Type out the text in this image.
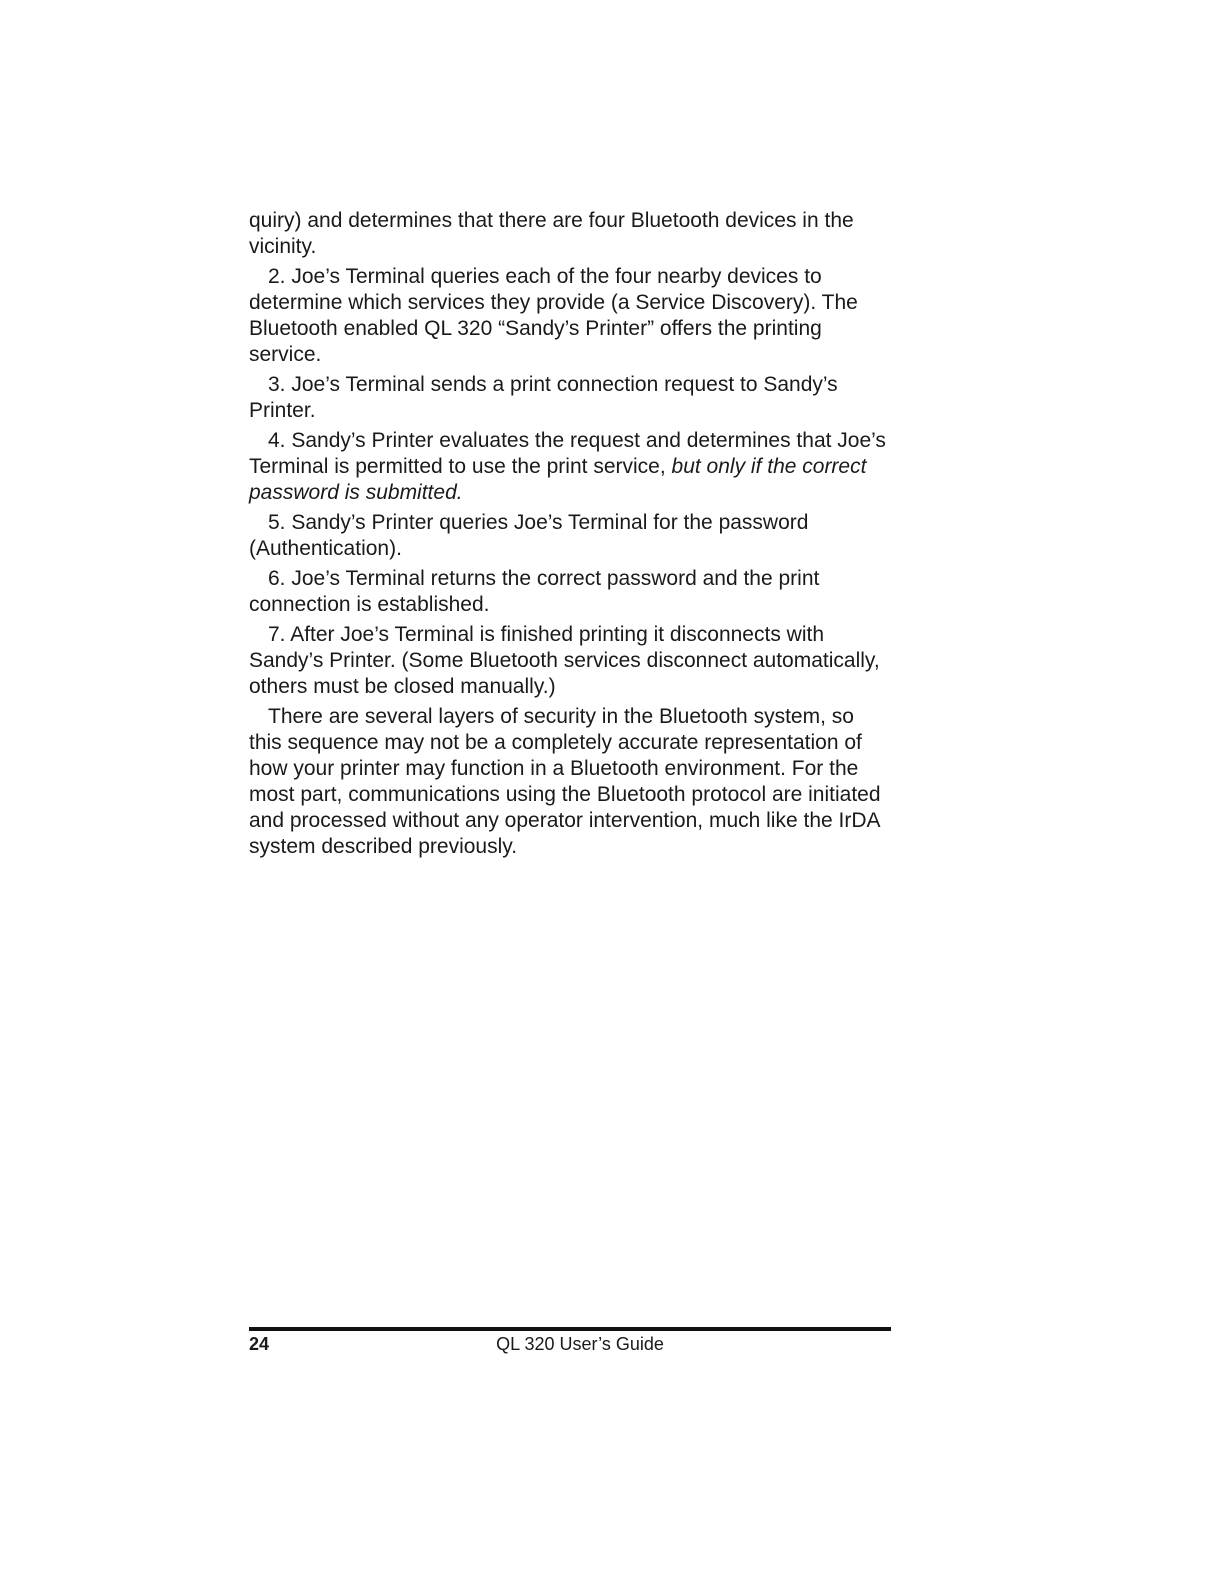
quiry) and determines that there are four Bluetooth devices in the vicinity.

2. Joe’s Terminal queries each of the four nearby devices to determine which services they provide (a Service Discovery). The Bluetooth enabled QL 320 “Sandy’s Printer” offers the printing service.

3. Joe’s Terminal sends a print connection request to Sandy’s Printer.

4. Sandy’s Printer evaluates the request and determines that Joe’s Terminal is permitted to use the print service, but only if the correct password is submitted.

5. Sandy’s Printer queries Joe’s Terminal for the password (Authentication).

6. Joe’s Terminal returns the correct password and the print connection is established.

7. After Joe’s Terminal is finished printing it disconnects with Sandy’s Printer. (Some Bluetooth services disconnect automatically, others must be closed manually.)

There are several layers of security in the Bluetooth system, so this sequence may not be a completely accurate representation of how your printer may function in a Bluetooth environment. For the most part, communications using the Bluetooth protocol are initiated and processed without any operator intervention, much like the IrDA system described previously.

24	QL 320 User’s Guide
